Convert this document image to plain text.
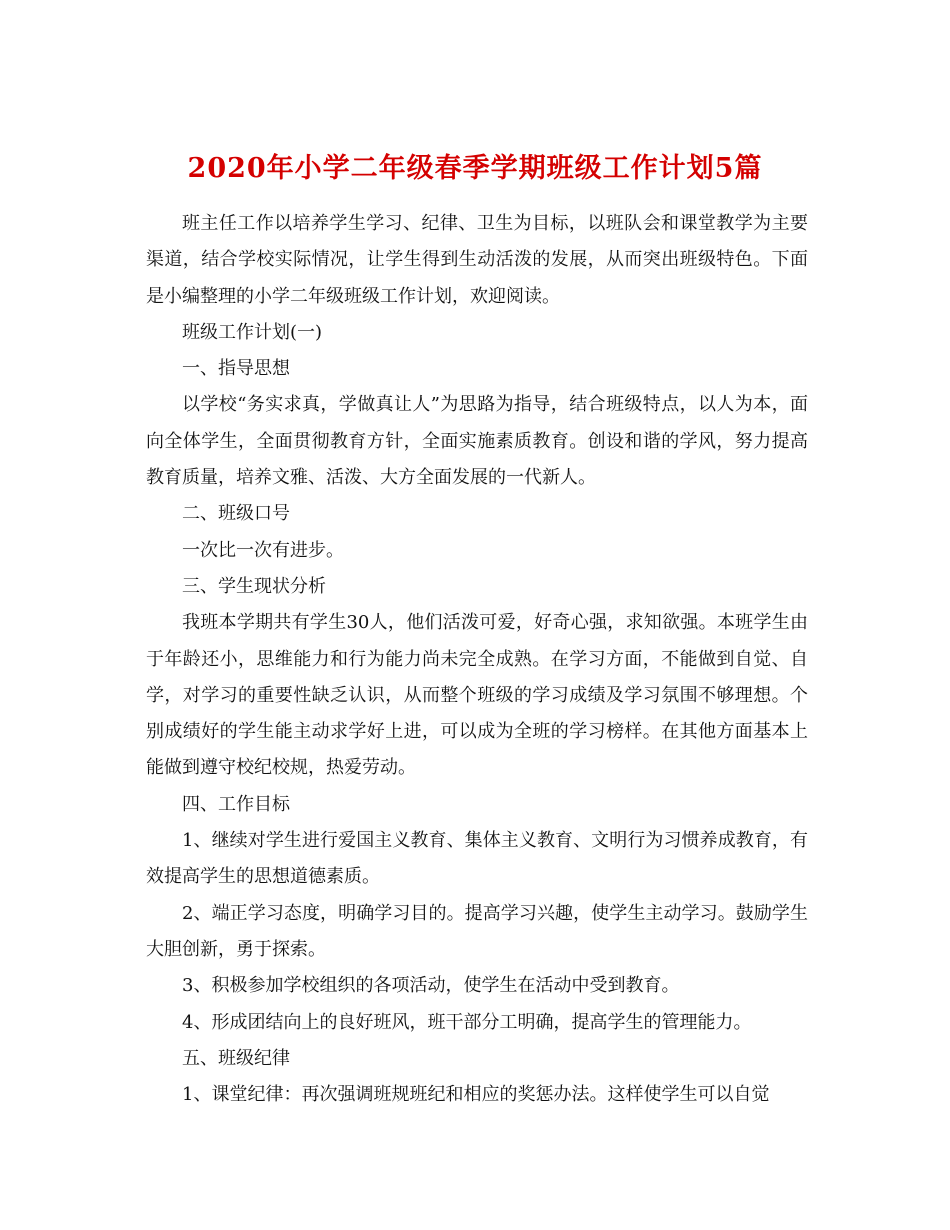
2020年小学二年级春季学期班级工作计划5篇

班主任工作以培养学生学习、纪律、卫生为目标，以班队会和课堂教学为主要渠道，结合学校实际情况，让学生得到生动活泼的发展，从而突出班级特色。下面是小编整理的小学二年级班级工作计划，欢迎阅读。

班级工作计划(一)

一、指导思想

以学校“务实求真，学做真让人”为思路为指导，结合班级特点，以人为本，面向全体学生，全面贯彻教育方针，全面实施素质教育。创设和谐的学风，努力提高教育质量，培养文雅、活泼、大方全面发展的一代新人。

二、班级口号

一次比一次有进步。

三、学生现状分析

我班本学期共有学生30人，他们活泼可爱，好奇心强，求知欲强。本班学生由于年龄还小，思维能力和行为能力尚未完全成熟。在学习方面，不能做到自觉、自学，对学习的重要性缺乏认识，从而整个班级的学习成绩及学习氛围不够理想。个别成绩好的学生能主动求学好上进，可以成为全班的学习榜样。在其他方面基本上能做到遵守校纪校规，热爱劳动。

四、工作目标

1、继续对学生进行爱国主义教育、集体主义教育、文明行为习惯养成教育，有效提高学生的思想道德素质。

2、端正学习态度，明确学习目的。提高学习兴趣，使学生主动学习。鼓励学生大胆创新，勇于探索。

3、积极参加学校组织的各项活动，使学生在活动中受到教育。

4、形成团结向上的良好班风，班干部分工明确，提高学生的管理能力。

五、班级纪律

1、课堂纪律：再次强调班规班纪和相应的奖惩办法。这样使学生可以自觉
